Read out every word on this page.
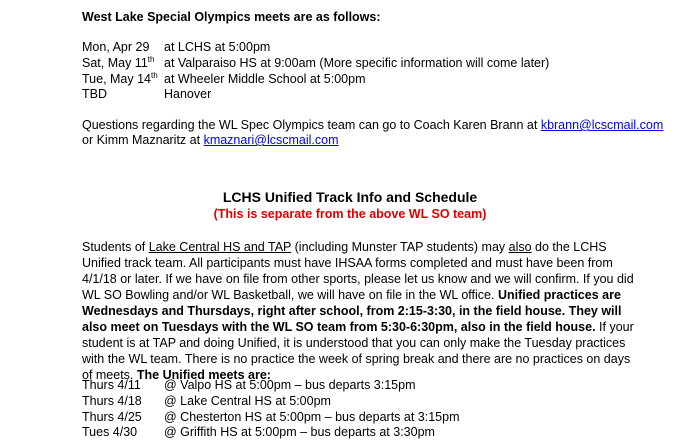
West Lake Special Olympics meets are as follows:
Mon, Apr 29 at LCHS at 5:00pm
Sat, May 11th at Valparaiso HS at 9:00am (More specific information will come later)
Tue, May 14th at Wheeler Middle School at 5:00pm
TBD	Hanover
Questions regarding the WL Spec Olympics team can go to Coach Karen Brann at kbrann@lcscmail.com
or Kimm Maznaritz at kmaznari@lcscmail.com
LCHS Unified Track Info and Schedule
(This is separate from the above WL SO team)
Students of Lake Central HS and TAP (including Munster TAP students) may also do the LCHS Unified track team. All participants must have IHSAA forms completed and must have been from 4/1/18 or later. If we have on file from other sports, please let us know and we will confirm. If you did WL SO Bowling and/or WL Basketball, we will have on file in the WL office. Unified practices are Wednesdays and Thursdays, right after school, from 2:15-3:30, in the field house. They will also meet on Tuesdays with the WL SO team from 5:30-6:30pm, also in the field house. If your student is at TAP and doing Unified, it is understood that you can only make the Tuesday practices with the WL team. There is no practice the week of spring break and there are no practices on days of meets. The Unified meets are:
Thurs 4/11 @ Valpo HS at 5:00pm – bus departs 3:15pm
Thurs 4/18 @ Lake Central HS at 5:00pm
Thurs 4/25 @ Chesterton HS at 5:00pm – bus departs at 3:15pm
Tues 4/30 @ Griffith HS at 5:00pm – bus departs at 3:30pm
